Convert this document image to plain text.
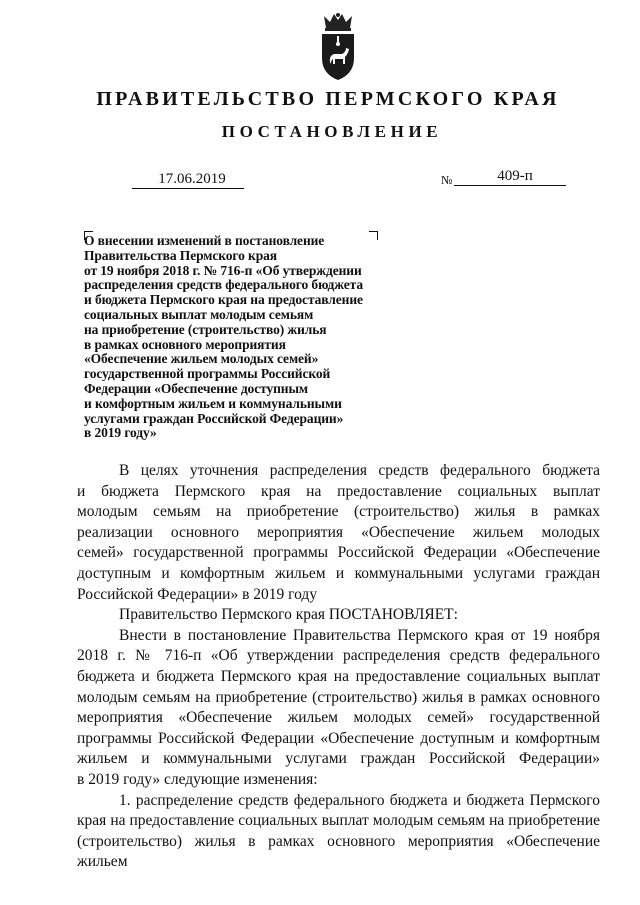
ПРАВИТЕЛЬСТВО ПЕРМСКОГО КРАЯ
ПОСТАНОВЛЕНИЕ
17.06.2019	№	409-п
О внесении изменений в постановление
Правительства Пермского края
от 19 ноября 2018 г. № 716-п «Об утверждении
распределения средств федерального бюджета
и бюджета Пермского края на предоставление
социальных выплат молодым семьям
на приобретение (строительство) жилья
в рамках основного мероприятия
«Обеспечение жильем молодых семей»
государственной программы Российской
Федерации «Обеспечение доступным
и комфортным жильем и коммунальными
услугами граждан Российской Федерации»
в 2019 году»
В целях уточнения распределения средств федерального бюджета
и бюджета Пермского края на предоставление социальных выплат
молодым семьям на приобретение (строительство) жилья в рамках
реализации основного мероприятия «Обеспечение жильем молодых
семей» государственной программы Российской Федерации «Обеспечение
доступным и комфортным жильем и коммунальными услугами граждан
Российской Федерации» в 2019 году
Правительство Пермского края ПОСТАНОВЛЯЕТ:
Внести в постановление Правительства Пермского края от 19 ноября
2018 г. № 716-п «Об утверждении распределения средств федерального
бюджета и бюджета Пермского края на предоставление социальных выплат
молодым семьям на приобретение (строительство) жилья в рамках основного
мероприятия «Обеспечение жильем молодых семей» государственной
программы Российской Федерации «Обеспечение доступным и комфортным
жильем и коммунальными услугами граждан Российской Федерации»
в 2019 году» следующие изменения:
1. распределение средств федерального бюджета и бюджета Пермского
края на предоставление социальных выплат молодым семьям на приобретение
(строительство) жилья в рамках основного мероприятия «Обеспечение жильем
